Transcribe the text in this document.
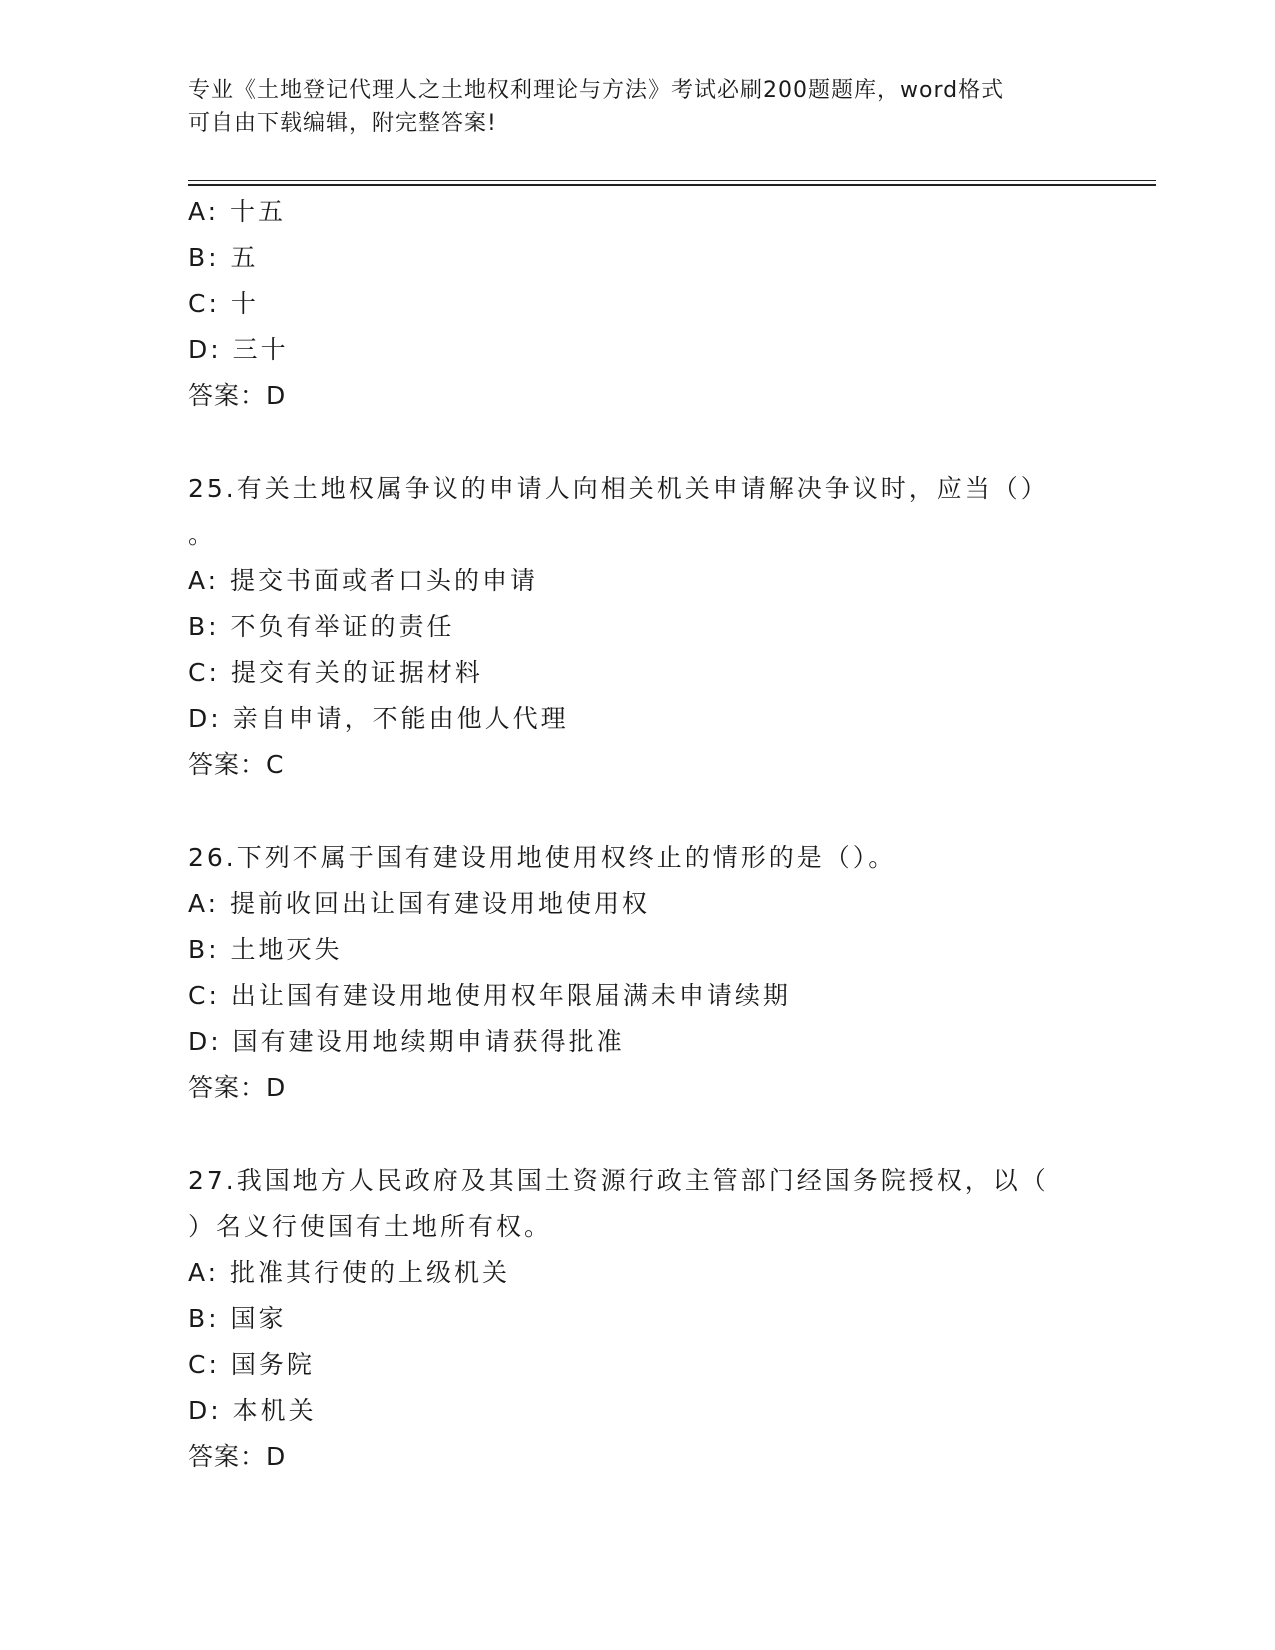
专业《土地登记代理人之土地权利理论与方法》考试必刷200题题库，word格式
可自由下载编辑，附完整答案!
A: 十五
B: 五
C: 十
D: 三十
答案：D
25.有关土地权属争议的申请人向相关机关申请解决争议时，应当（）
。
A: 提交书面或者口头的申请
B: 不负有举证的责任
C: 提交有关的证据材料
D: 亲自申请，不能由他人代理
答案：C
26.下列不属于国有建设用地使用权终止的情形的是（）。
A: 提前收回出让国有建设用地使用权
B: 土地灭失
C: 出让国有建设用地使用权年限届满未申请续期
D: 国有建设用地续期申请获得批准
答案：D
27.我国地方人民政府及其国土资源行政主管部门经国务院授权，以（
）名义行使国有土地所有权。
A: 批准其行使的上级机关
B: 国家
C: 国务院
D: 本机关
答案：D
